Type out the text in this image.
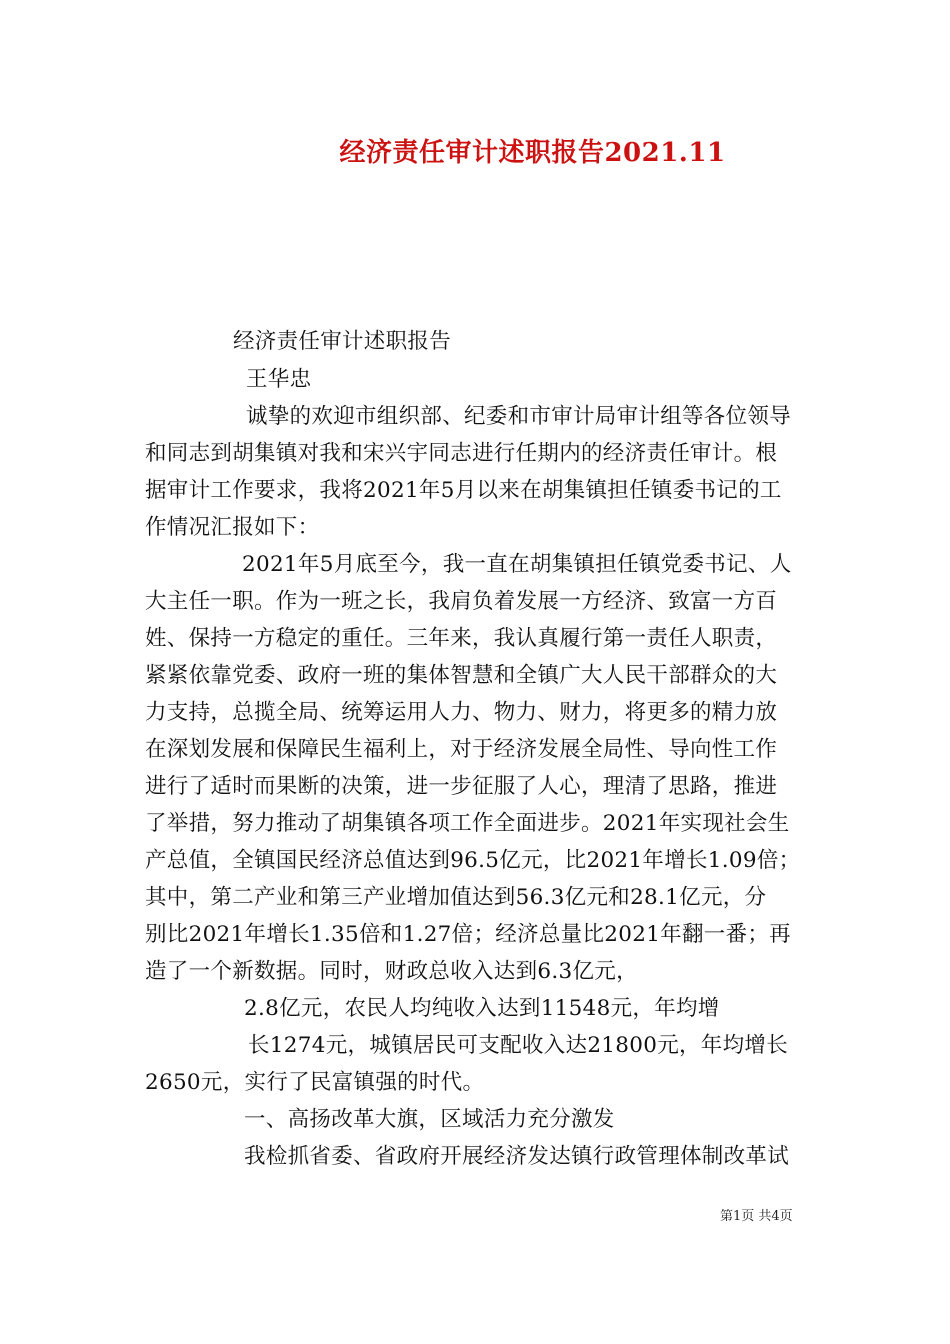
经济责任审计述职报告2021.11
经济责任审计述职报告
王华忠
诚挚的欢迎市组织部、纪委和市审计局审计组等各位领导
和同志到胡集镇对我和宋兴宇同志进行任期内的经济责任审计。根
据审计工作要求，我将2021年5月以来在胡集镇担任镇委书记的工
作情况汇报如下：
2021年5月底至今，我一直在胡集镇担任镇党委书记、人
大主任一职。作为一班之长，我肩负着发展一方经济、致富一方百
姓、保持一方稳定的重任。三年来，我认真履行第一责任人职责，
紧紧依靠党委、政府一班的集体智慧和全镇广大人民干部群众的大
力支持，总揽全局、统筹运用人力、物力、财力，将更多的精力放
在深划发展和保障民生福利上，对于经济发展全局性、导向性工作
进行了适时而果断的决策，进一步征服了人心，理清了思路，推进
了举措，努力推动了胡集镇各项工作全面进步。2021年实现社会生
产总值，全镇国民经济总值达到96.5亿元，比2021年增长1.09倍；
其中，第二产业和第三产业增加值达到56.3亿元和28.1亿元，分
别比2021年增长1.35倍和1.27倍；经济总量比2021年翻一番；再
造了一个新数据。同时，财政总收入达到6.3亿元，
2.8亿元，农民人均纯收入达到11548元，年均增
长1274元，城镇居民可支配收入达21800元，年均增长
2650元，实行了民富镇强的时代。
一、高扬改革大旗，区域活力充分激发
我检抓省委、省政府开展经济发达镇行政管理体制改革试
第1页 共4页
